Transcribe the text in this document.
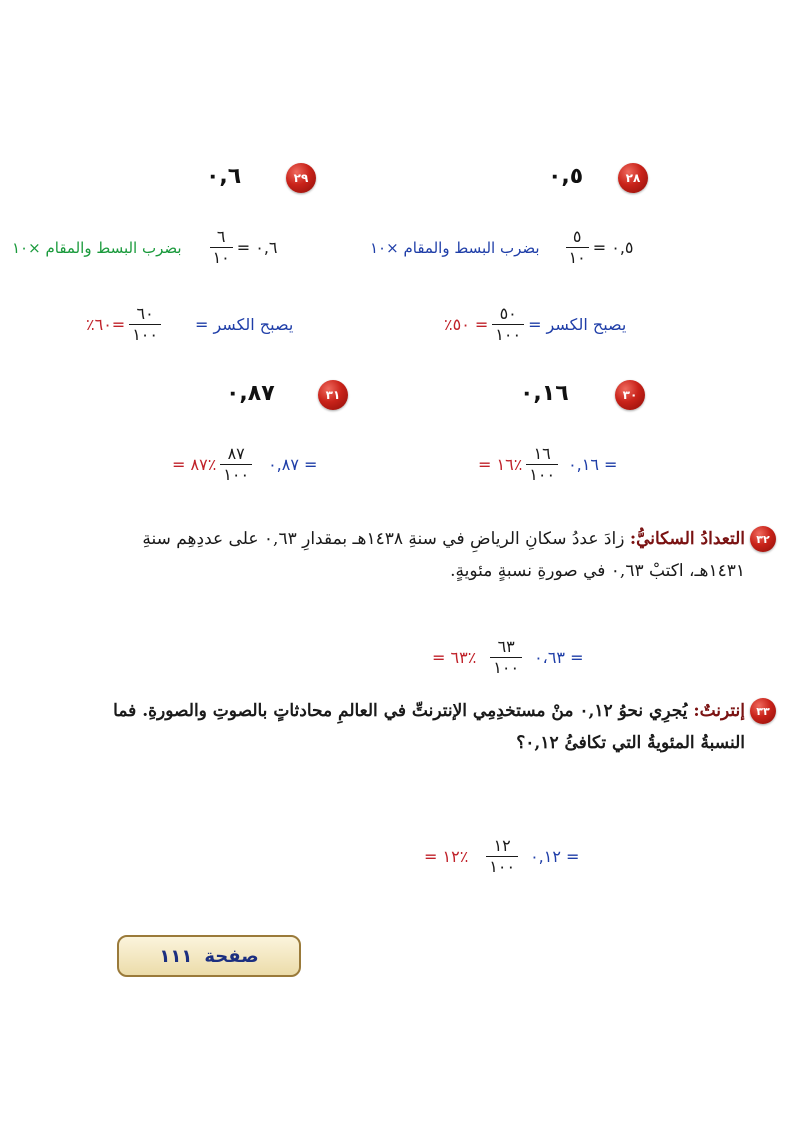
٢٨
٠,٥
٢٩
٠,٦
بضرب البسط والمقام ×١٠ $\frac{٥}{١٠}$ ٠,٥ =
بضرب البسط والمقام ×١٠ $\frac{٦}{١٠}$ ٠,٦ =
= ٥٠٪ $\frac{٥٠}{١٠٠}$ يصبح الكسر =
=٦٠٪ $\frac{٦٠}{١٠٠}$ يصبح الكسر =
٣٠
٠,١٦
٣١
٠,٨٧
٪١٦ = $\frac{١٦}{١٠٠}$ = ٠,١٦
٪٨٧ = $\frac{٨٧}{١٠٠}$ = ٠,٨٧
٣٢
التعدادُ السكانيُّ: زادَ عددُ سكانِ الرياضِ في سنةِ ١٤٣٨هـ بمقدارِ ٠,٦٣ على عددِهِم سنةِ ١٤٣١هـ، اكتبْ ٠,٦٣ في صورةِ نسبةٍ مئويةٍ.
٪٦٣ = $\frac{٦٣}{١٠٠}$ = ٠،٦٣
٣٣
إنترنتٌ: يُجرِي نحوُ ٠,١٢ منْ مستخدِمِي الإنترنتِّ في العالمِ محادثاتٍ بالصوتِ والصورةِ. فما النسبةُ المئويةُ التي تكافئُ ٠,١٢؟
٪١٢ = $\frac{١٢}{١٠٠}$ = ٠,١٢
صفحة
١١١
